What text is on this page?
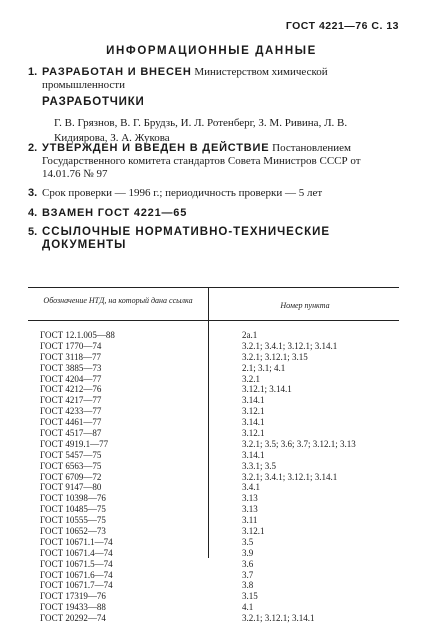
ГОСТ 4221—76 С. 13
ИНФОРМАЦИОННЫЕ ДАННЫЕ
1. РАЗРАБОТАН И ВНЕСЕН Министерством химической промышленности
РАЗРАБОТЧИКИ
Г. В. Грязнов, В. Г. Брудзь, И. Л. Ротенберг, З. М. Ривина, Л. В. Кидиярова, З. А. Жукова
2. УТВЕРЖДЕН И ВВЕДЕН В ДЕЙСТВИЕ Постановлением Государственного комитета стандартов Совета Министров СССР от 14.01.76 № 97
3. Срок проверки — 1996 г.; периодичность проверки — 5 лет
4. ВЗАМЕН ГОСТ 4221—65
5. ССЫЛОЧНЫЕ НОРМАТИВНО-ТЕХНИЧЕСКИЕ ДОКУМЕНТЫ
Обозначение НТД, на который дана ссылка
Номер пункта
ГОСТ 12.1.005—88	2а.1
ГОСТ 1770—74	3.2.1; 3.4.1; 3.12.1; 3.14.1
ГОСТ 3118—77	3.2.1; 3.12.1; 3.15
ГОСТ 3885—73	2.1; 3.1; 4.1
ГОСТ 4204—77	3.2.1
ГОСТ 4212—76	3.12.1; 3.14.1
ГОСТ 4217—77	3.14.1
ГОСТ 4233—77	3.12.1
ГОСТ 4461—77	3.14.1
ГОСТ 4517—87	3.12.1
ГОСТ 4919.1—77	3.2.1; 3.5; 3.6; 3.7; 3.12.1; 3.13
ГОСТ 5457—75	3.14.1
ГОСТ 6563—75	3.3.1; 3.5
ГОСТ 6709—72	3.2.1; 3.4.1; 3.12.1; 3.14.1
ГОСТ 9147—80	3.4.1
ГОСТ 10398—76	3.13
ГОСТ 10485—75	3.13
ГОСТ 10555—75	3.11
ГОСТ 10652—73	3.12.1
ГОСТ 10671.1—74	3.5
ГОСТ 10671.4—74	3.9
ГОСТ 10671.5—74	3.6
ГОСТ 10671.6—74	3.7
ГОСТ 10671.7—74	3.8
ГОСТ 17319—76	3.15
ГОСТ 19433—88	4.1
ГОСТ 20292—74	3.2.1; 3.12.1; 3.14.1
